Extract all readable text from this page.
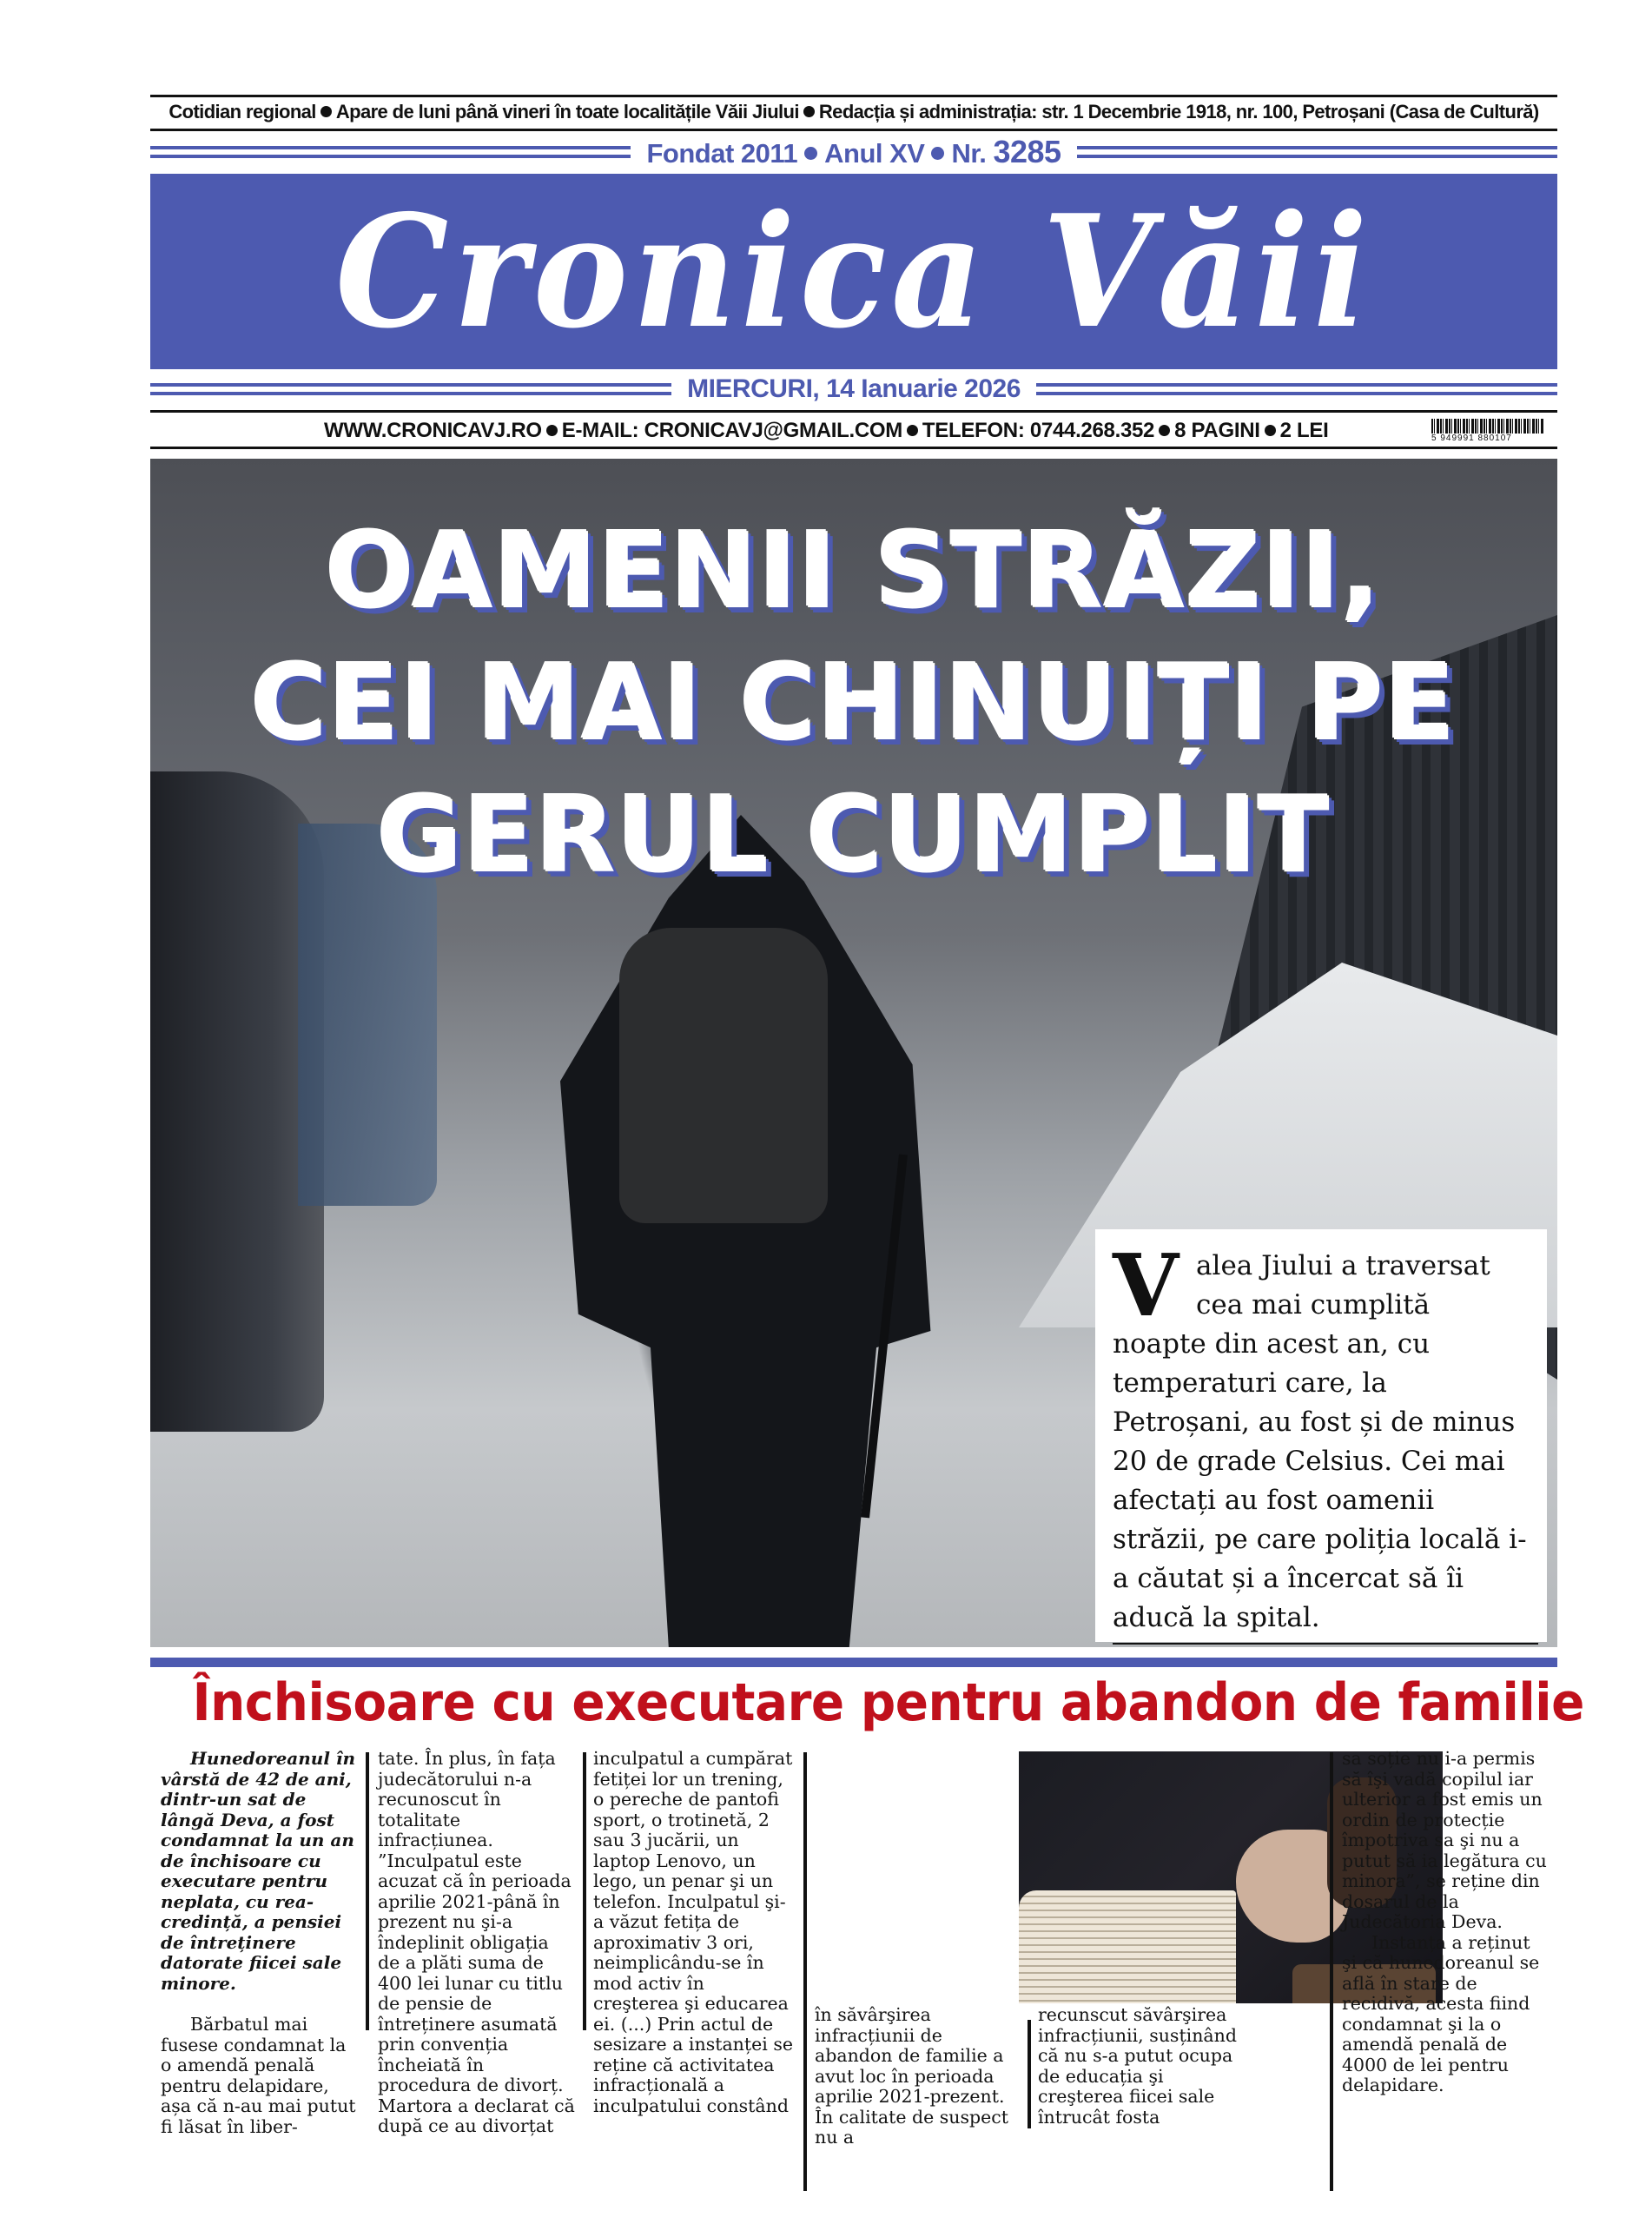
Cotidian regional Apare de luni până vineri în toate localitățile Văii Jiului Redacția și administrația: str. 1 Decembrie 1918, nr. 100, Petroșani (Casa de Cultură)
Fondat 2011 Anul XV Nr. 3285
Cronica Văii
MIERCURI, 14 Ianuarie 2026
WWW.CRONICAVJ.RO E-MAIL: CRONICAVJ@GMAIL.COM TELEFON: 0744.268.352 8 PAGINI 2 LEI	5 949991 880107
OAMENII STRĂZII,
CEI MAI CHINUIȚI PE
GERUL CUMPLIT

Valea Jiului a traversat cea mai cumplită noapte din acest an, cu temperaturi care, la Petroșani, au fost și de minus 20 de grade Celsius. Cei mai afectați au fost oamenii străzii, pe care poliția locală i-a căutat și a încercat să îi aducă la spital.

Închisoare cu executare pentru abandon de familie

Hunedoreanul în vârstă de 42 de ani, dintr-un sat de lângă Deva, a fost condamnat la un an de închisoare cu executare pentru neplata, cu rea-credință, a pensiei de întreținere datorate fiicei sale minore.

Bărbatul mai fusese condamnat la o amendă penală pentru delapidare, așa că n-au mai putut fi lăsat în liber-

tate. În plus, în fața judecătorului n-a recunoscut în totalitate infracțiunea. ”Inculpatul este acuzat că în perioada aprilie 2021-până în prezent nu şi-a îndeplinit obligația de a plăti suma de 400 lei lunar cu titlu de pensie de întreținere asumată prin convenția încheiată în procedura de divorț. Martora a declarat că după ce au divorțat

inculpatul a cumpărat fetiței lor un trening, o pereche de pantofi sport, o trotinetă, 2 sau 3 jucării, un laptop Lenovo, un lego, un penar şi un telefon. Inculpatul şi-a văzut fetița de aproximativ 3 ori, neimplicându-se în mod activ în creşterea şi educarea ei. (...) Prin actul de sesizare a instanței se reține că activitatea infracțională a inculpatului constând

în săvârşirea infracțiunii de abandon de familie a avut loc în perioada aprilie 2021-prezent. În calitate de suspect nu a

recunscut săvârşirea infracțiunii, susținând că nu s-a putut ocupa de educația şi creşterea fiicei sale întrucât fosta

sa soție nu i-a permis să îşi vadă copilul iar ulterior a fost emis un ordin de protecție împotriva sa şi nu a putut să ia legătura cu minora”, se reține din dosarul de la Judecătoria Deva.

Instanța a reținut şi că hunedoreanul se află în stare de recidivă, acesta fiind condamnat şi la o amendă penală de 4000 de lei pentru delapidare.
